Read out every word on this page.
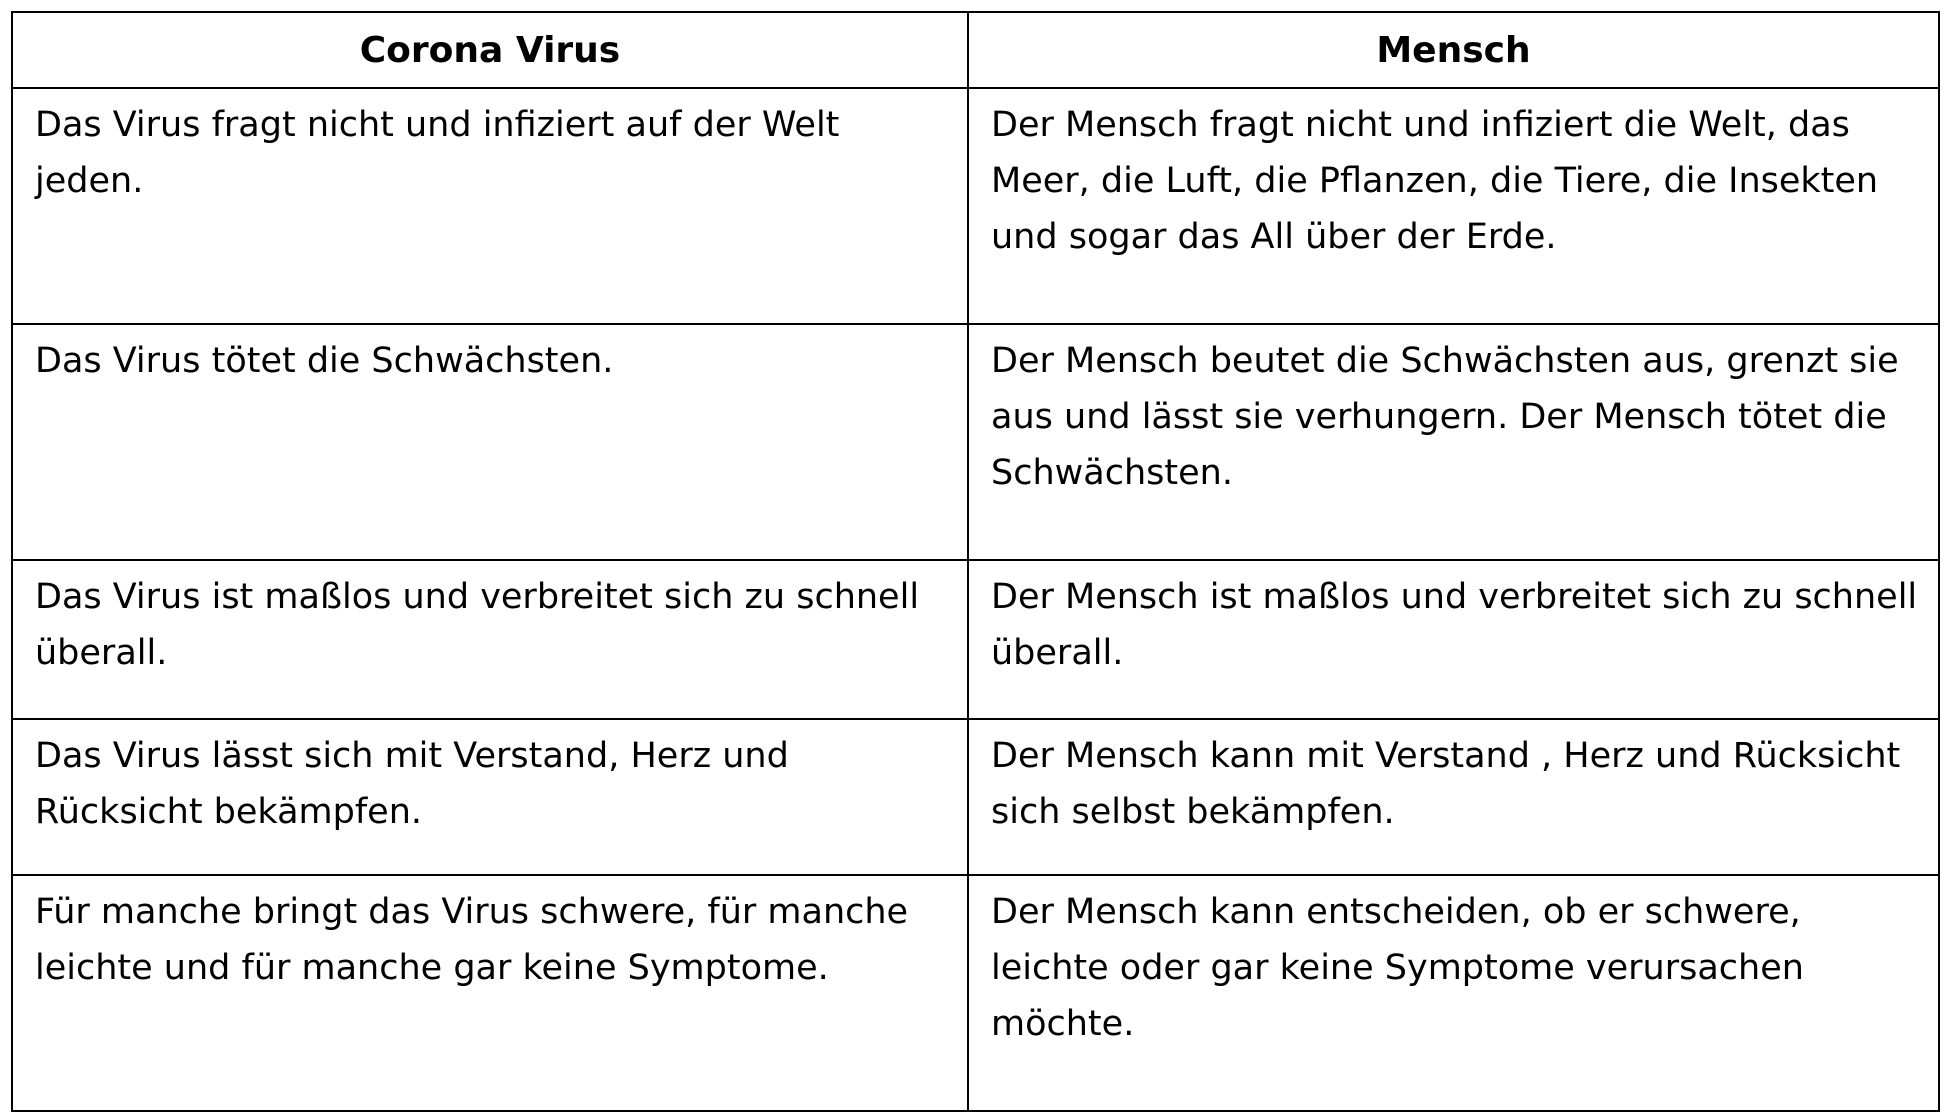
Corona Virus	Mensch
Das Virus fragt nicht und infiziert auf der Welt jeden.	Der Mensch fragt nicht und infiziert die Welt, das Meer, die Luft, die Pflanzen, die Tiere, die Insekten und sogar das All über der Erde.
Das Virus tötet die Schwächsten.	Der Mensch beutet die Schwächsten aus, grenzt sie aus und lässt sie verhungern. Der Mensch tötet die Schwächsten.
Das Virus ist maßlos und verbreitet sich zu schnell überall.	Der Mensch ist maßlos und verbreitet sich zu schnell überall.
Das Virus lässt sich mit Verstand, Herz und Rücksicht bekämpfen.	Der Mensch kann mit Verstand , Herz und Rücksicht sich selbst bekämpfen.
Für manche bringt das Virus schwere, für manche leichte und für manche gar keine Symptome.	Der Mensch kann entscheiden, ob er schwere, leichte oder gar keine Symptome verursachen möchte.
